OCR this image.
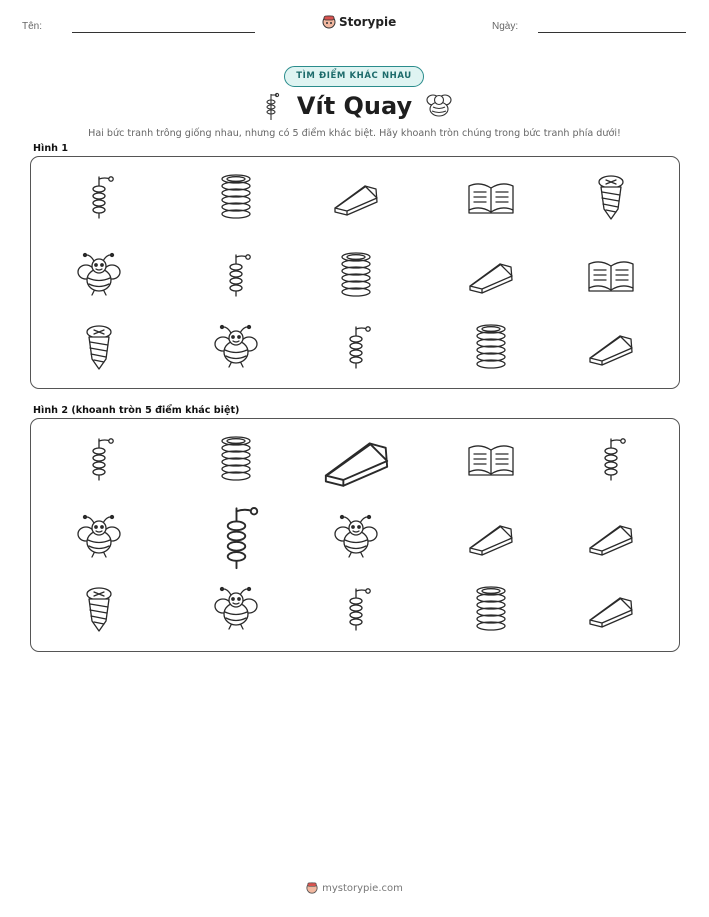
Tên:	Storypie	Ngày:
TÌM ĐIỂM KHÁC NHAU
Vít Quay
Hai bức tranh trông giống nhau, nhưng có 5 điểm khác biệt. Hãy khoanh tròn chúng trong bức tranh phía dưới!
Hình 1
Hình 2 (khoanh tròn 5 điểm khác biệt)
mystorypie.com
